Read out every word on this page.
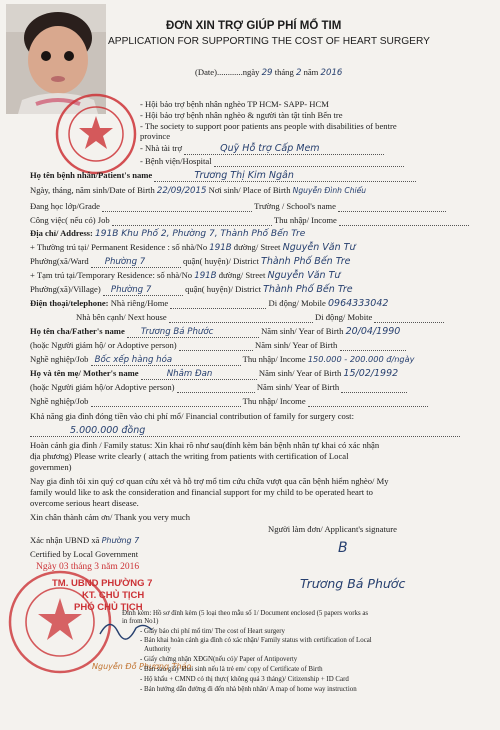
ĐƠN XIN TRỢ GIÚP PHÍ MỔ TIM
APPLICATION FOR SUPPORTING THE COST OF HEART SURGERY
(Date)............ngày 29 tháng 2 năm 2016
- Hội bảo trợ bệnh nhân nghèo TP HCM- SAPP- HCM
- Hội bảo trợ bệnh nhân nghèo & người tàn tật tỉnh Bến tre
- The society to support poor patients ans people with disabilities of bentre
province
- Nhà tài trợ	Quỹ Hỗ trợ Cấp Mem
- Bệnh viện/Hospital
Họ tên bệnh nhân/Patient's name	Trương Thị Kim Ngân
Ngày, tháng, năm sinh/Date of Birth 22/09/2015 Nơi sinh/ Place of Birth Nguyễn Đình Chiểu
Đang học lớp/Grade	Trường / School's name
Công việc( nếu có) Job	Thu nhập/ Income
Địa chỉ/ Address: 191B Khu Phố 2, Phường 7, Thành Phố Bến Tre
+ Thường trú tại/ Permanent Residence : số nhà/No 191B đường/ Street Nguyễn Văn Tư
Phường(xã/Ward Phường 7	quận( huyện)/ District Thành Phố Bến Tre
+ Tạm trú tại/Temporary Residence: số nhà/No 191B đường/ Street Nguyễn Văn Tư
Phường(xã)/Village) Phường 7	quận( huyện)/ District Thành Phố Bến Tre
Điện thoại/telephone: Nhà riêng/Home	Di động/ Mobile 0964333042
Nhà bên cạnh/ Next house	Di động/ Mobite
Họ tên cha/Father's name Trương Bá Phước	Năm sinh/ Year of Birth 20/04/1990
(hoặc Người giám hộ/ or Adoptive person)	Năm sinh/ Year of Birth
Nghề nghiệp/Job Bốc xếp hàng hóa	Thu nhập/ Income 150.000 - 200.000 đ/ngày
Họ và tên mẹ/ Mother's name	Nhâm Đan	Năm sinh/ Year of Birth 15/02/1992
(hoặc Người giám hộ/or Adoptive person)	Năm sinh/ Year of Birth
Nghề nghiệp/Job	Thu nhập/ Income
Khả năng gia đình đóng tiền vào chi phí mổ/ Financial contribution of family for surgery cost:
5.000.000 đồng
Hoàn cảnh gia đình / Family status: Xin khai rõ như sau(đính kèm bản bệnh nhân tự khai có xác nhận
địa phương) Please write clearly ( attach the writing from patients with certification of Local
governmen)
Nay gia đình tôi xin quý cơ quan cứu xét và hỗ trợ mổ tim cứu chữa vượt qua căn bệnh hiểm nghèo/ My
family would like to ask the consideration and financial support for my child to be operated heart to
overcome serious heart disease.
Xin chân thành cảm ơn/ Thank you very much
Người làm đơn/ Applicant's signature
B
Trương Bá Phước
Xác nhận UBND xã Phường 7
Certified by Local Government
Ngày 03 tháng 3 năm 2016
TM. UBND PHƯỜNG 7
KT. CHỦ TỊCH
PHÓ CHỦ TỊCH
Nguyễn Đỗ Phương Thảo
Đính kèm: Hồ sơ đính kèm (5 loại theo mẫu số 1/ Document enclosed (5 papers works as
in from No1)
- Giấy báo chi phí mổ tim/ The cost of Heart surgery
- Bản khai hoàn cảnh gia đình có xác nhận/ Family status with certification of Local
Authority
- Giấy chứng nhận XĐGN(nếu có)/ Paper of Antipoverty
- Bản sao giấy khai sinh nếu là trẻ em/ copy of Certificate of Birth
- Hộ khẩu + CMND có thị thực( không quá 3 tháng)/ Citizenship + ID Card
- Bản hướng dẫn đường đi đến nhà bệnh nhân/ A map of home way instruction
